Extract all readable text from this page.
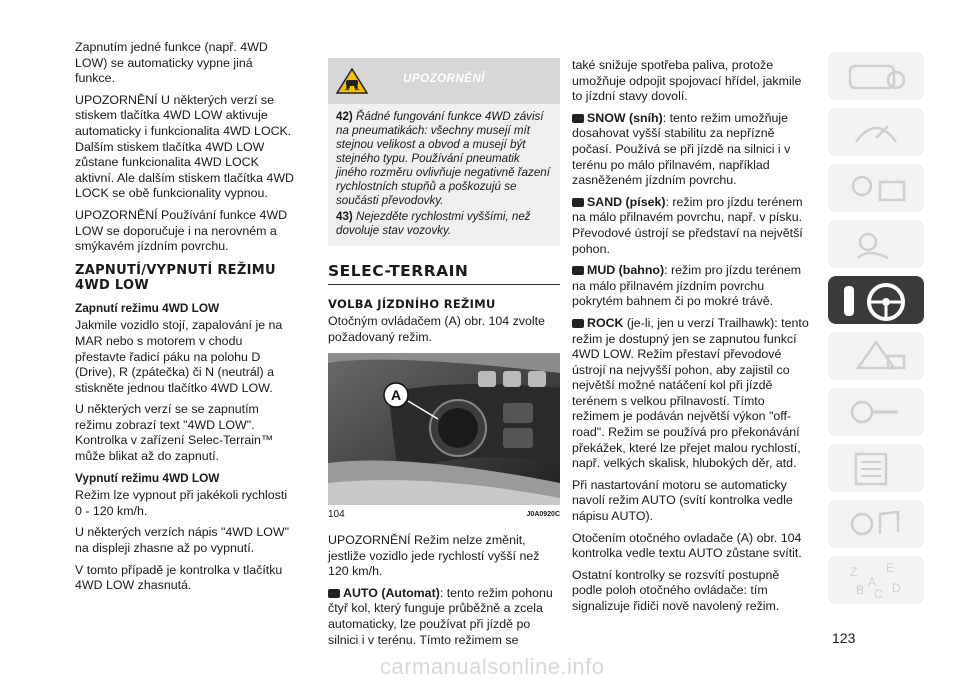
Zapnutím jedné funkce (např. 4WD LOW) se automaticky vypne jiná funkce.

UPOZORNĚNÍ U některých verzí se stiskem tlačítka 4WD LOW aktivuje automaticky i funkcionalita 4WD LOCK. Dalším stiskem tlačítka 4WD LOW zůstane funkcionalita 4WD LOCK aktivní. Ale dalším stiskem tlačítka 4WD LOCK se obě funkcionality vypnou.

UPOZORNĚNÍ Používání funkce 4WD LOW se doporučuje i na nerovném a smýkavém jízdním povrchu.

ZAPNUTÍ/VYPNUTÍ REŽIMU 4WD LOW
Zapnutí režimu 4WD LOW

Jakmile vozidlo stojí, zapalování je na MAR nebo s motorem v chodu přestavte řadicí páku na polohu D (Drive), R (zpátečka) či N (neutrál) a stiskněte jednou tlačítko 4WD LOW.

U některých verzí se se zapnutím režimu zobrazí text "4WD LOW". Kontrolka v zařízení Selec-Terrain™ může blikat až do zapnutí.

Vypnutí režimu 4WD LOW

Režim lze vypnout při jakékoli rychlosti 0 - 120 km/h.

U některých verzích nápis "4WD LOW" na displeji zhasne až po vypnutí.

V tomto případě je kontrolka v tlačítku 4WD LOW zhasnutá.

UPOZORNĚNÍ
42) Řádné fungování funkce 4WD závisí na pneumatikách: všechny musejí mít stejnou velikost a obvod a musejí být stejného typu. Používání pneumatik jiného rozměru ovlivňuje negativně řazení rychlostních stupňů a poškozujú se součásti převodovky.
43) Nejezděte rychlostmi vyššími, než dovoluje stav vozovky.
SELEC-TERRAIN
VOLBA JÍZDNÍHO REŽIMU

Otočným ovládačem (A) obr. 104 zvolte požadovaný režim.

A
104	J0A0920C

UPOZORNĚNÍ Režim nelze změnit, jestliže vozidlo jede rychlostí vyšší než 120 km/h.

AUTO (Automat): tento režim pohonu čtyř kol, který funguje průběžně a zcela automaticky, lze používat při jízdě po silnici i v terénu. Tímto režimem se

také snižuje spotřeba paliva, protože umožňuje odpojit spojovací hřídel, jakmile to jízdní stavy dovolí.

SNOW (sníh): tento režim umožňuje dosahovat vyšší stabilitu za nepřízně počasí. Používá se při jízdě na silnici i v terénu po málo přilnavém, například zasněženém jízdním povrchu.

SAND (písek): režim pro jízdu terénem na málo přilnavém povrchu, např. v písku. Převodové ústrojí se představí na největší pohon.

MUD (bahno): režim pro jízdu terénem na málo přilnavém jízdním povrchu pokrytém bahnem či po mokré trávě.

ROCK (je-li, jen u verzí Trailhawk): tento režim je dostupný jen se zapnutou funkcí 4WD LOW. Režim přestaví převodové ústrojí na nejvyšší pohon, aby zajistil co největší možné natáčení kol při jízdě terénem s velkou přilnavostí. Tímto režimem je podáván největší výkon "off-road". Režim se používá pro překonávání překážek, které lze přejet malou rychlostí, např. velkých skalisk, hlubokých děr, atd.

Při nastartování motoru se automaticky navolí režim AUTO (svítí kontrolka vedle nápisu AUTO).

Otočením otočného ovladače (A) obr. 104 kontrolka vedle textu AUTO zůstane svítit.

Ostatní kontrolky se rozsvítí postupně podle poloh otočného ovládače: tím signalizuje řidiči nově navolený režim.

Z E
B C
A D
123
carmanualsonline.info
